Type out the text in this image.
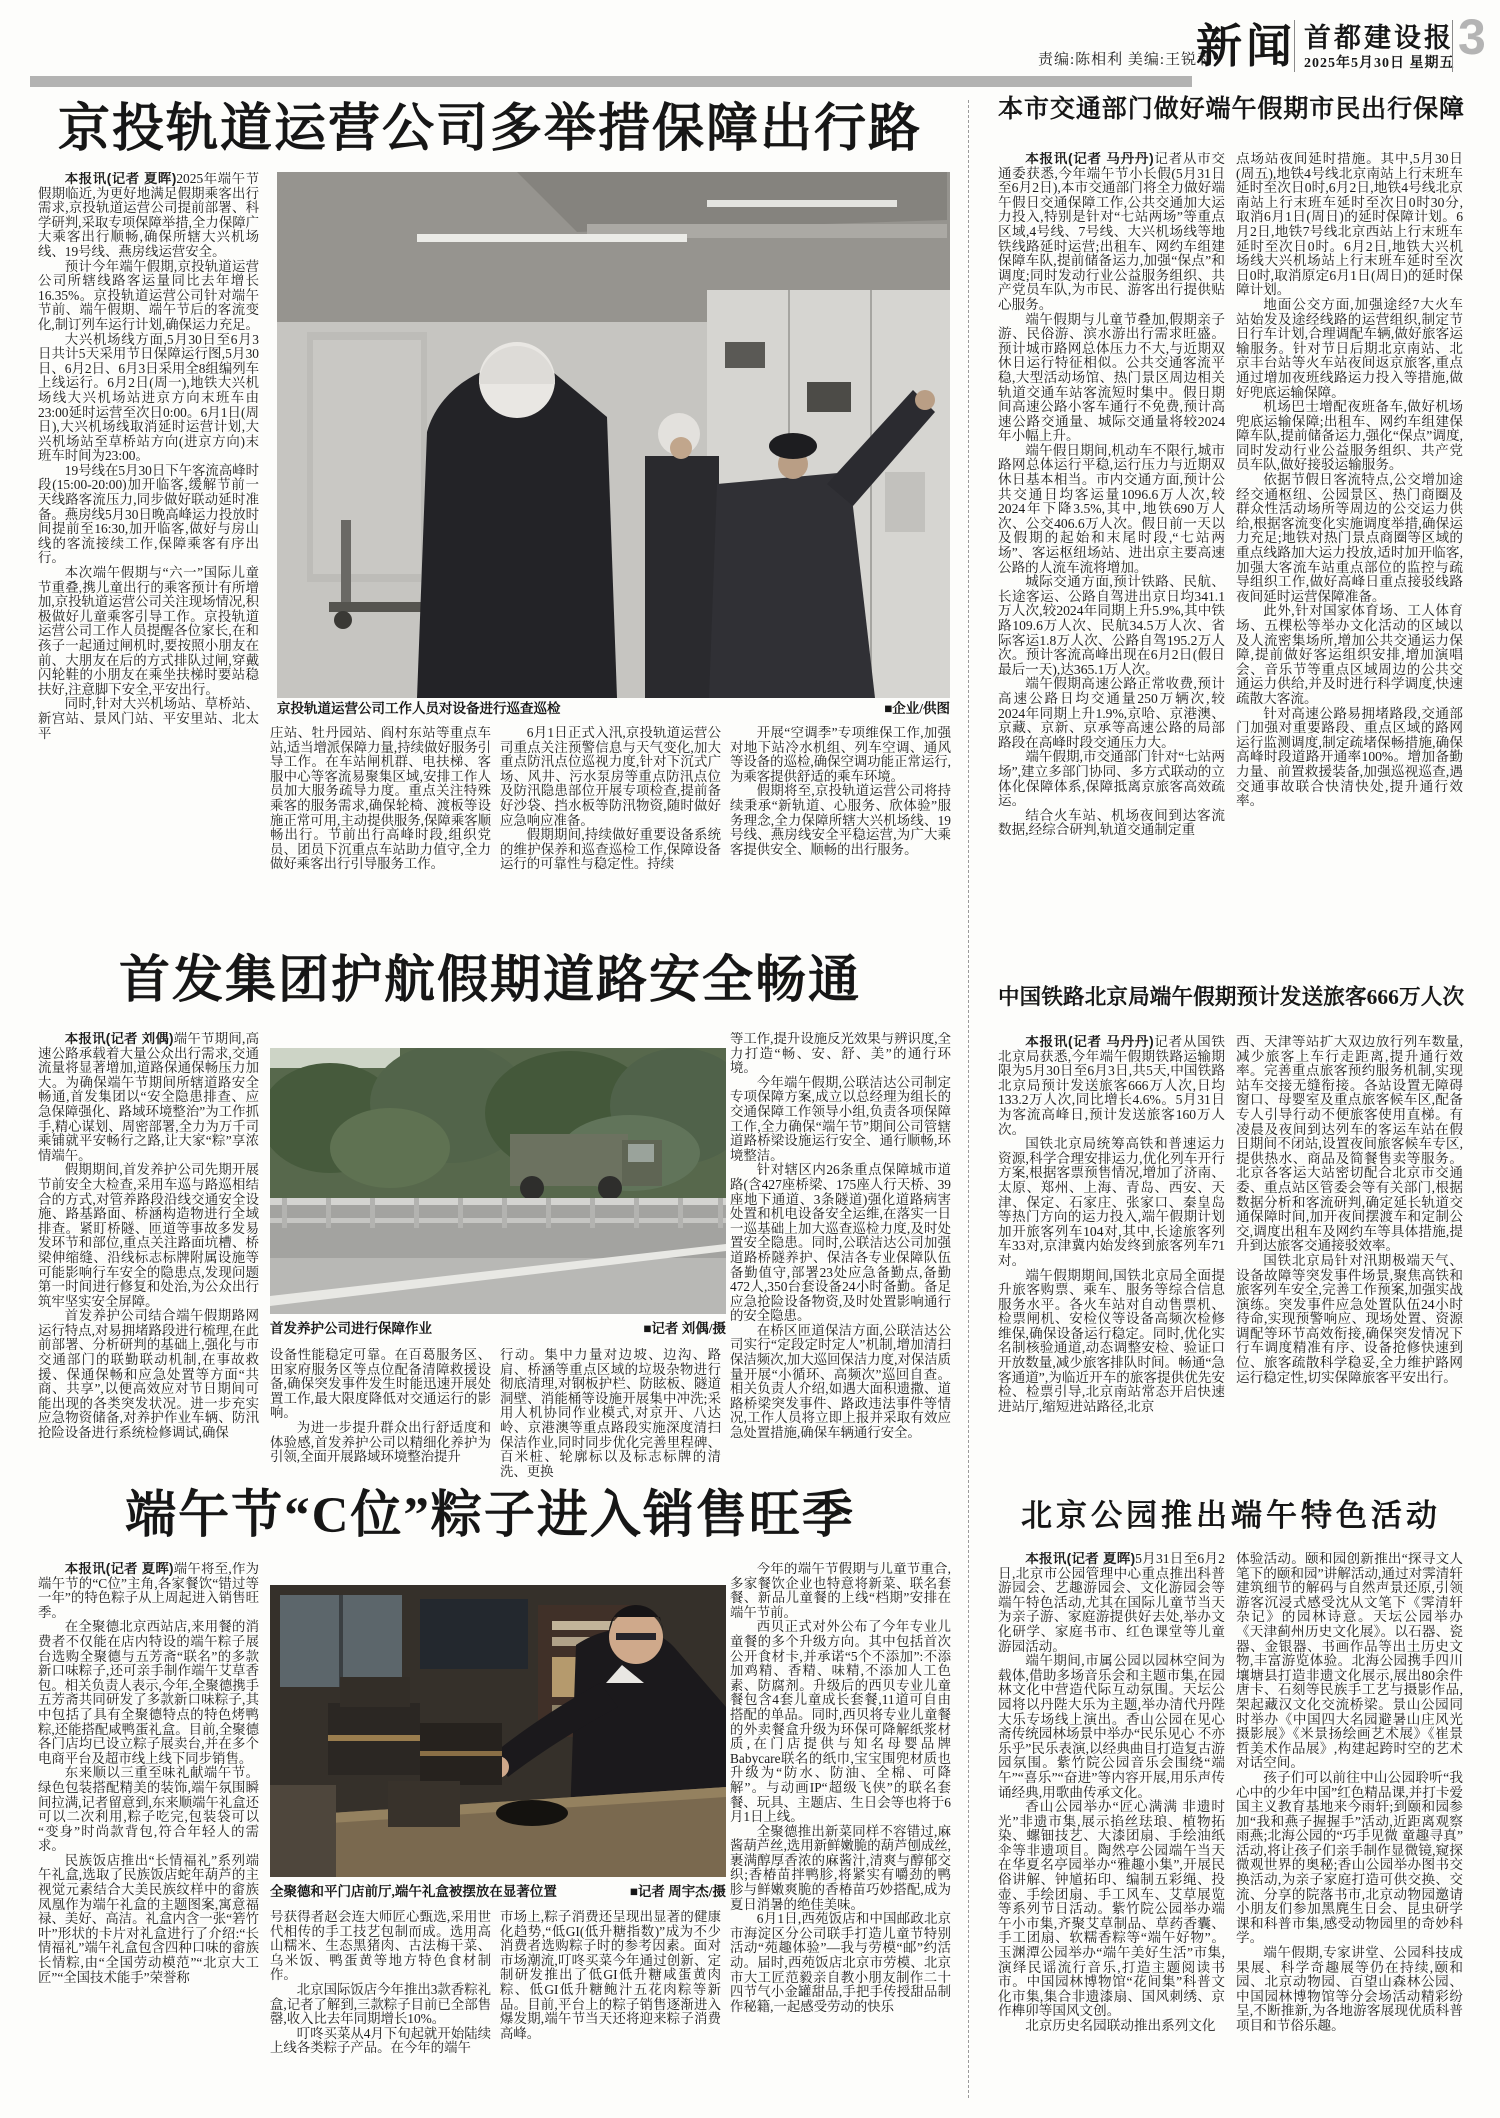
责编:陈相利 美编:王锐利
新闻 首都建设报
2025年5月30日 星期五 3
京投轨道运营公司多举措保障出行路

本报讯(记者 夏晖)2025年端午节假期临近,为更好地满足假期乘客出行需求,京投轨道运营公司提前部署、科学研判,采取专项保障举措,全力保障广大乘客出行顺畅,确保所辖大兴机场线、19号线、燕房线运营安全。

预计今年端午假期,京投轨道运营公司所辖线路客运量同比去年增长16.35%。京投轨道运营公司针对端午节前、端午假期、端午节后的客流变化,制订列车运行计划,确保运力充足。

大兴机场线方面,5月30日至6月3日共计5天采用节日保障运行图,5月30日、6月2日、6月3日采用全8组编列车上线运行。6月2日(周一),地铁大兴机场线大兴机场站进京方向末班车由23:00延时运营至次日0:00。6月1日(周日),大兴机场线取消延时运营计划,大兴机场站至草桥站方向(进京方向)末班车时间为23:00。

19号线在5月30日下午客流高峰时段(15:00-20:00)加开临客,缓解节前一天线路客流压力,同步做好联动延时准备。燕房线5月30日晚高峰运力投放时间提前至16:30,加开临客,做好与房山线的客流接续工作,保障乘客有序出行。

本次端午假期与“六一”国际儿童节重叠,携儿童出行的乘客预计有所增加,京投轨道运营公司关注现场情况,积极做好儿童乘客引导工作。京投轨道运营公司工作人员提醒各位家长,在和孩子一起通过闸机时,要按照小朋友在前、大朋友在后的方式排队过闸,穿戴闪轮鞋的小朋友在乘坐扶梯时要站稳扶好,注意脚下安全,平安出行。

同时,针对大兴机场站、草桥站、新宫站、景风门站、平安里站、北太平

京投轨道运营公司工作人员对设备进行巡查巡检	■企业/供图

庄站、牡丹园站、阎村东站等重点车站,适当增派保障力量,持续做好服务引导工作。在车站闸机群、电扶梯、客服中心等客流易聚集区域,安排工作人员加大服务疏导力度。重点关注特殊乘客的服务需求,确保轮椅、渡板等设施正常可用,主动提供服务,保障乘客顺畅出行。节前出行高峰时段,组织党员、团员下沉重点车站助力值守,全力做好乘客出行引导服务工作。

6月1日正式入汛,京投轨道运营公司重点关注预警信息与天气变化,加大重点防汛点位巡视力度,针对下沉式广场、风井、污水泵房等重点防汛点位及防汛隐患部位开展专项检查,提前备好沙袋、挡水板等防汛物资,随时做好应急响应准备。

假期期间,持续做好重要设备系统的维护保养和巡查巡检工作,保障设备运行的可靠性与稳定性。持续

开展“空调季”专项维保工作,加强对地下站冷水机组、列车空调、通风等设备的巡检,确保空调功能正常运行,为乘客提供舒适的乘车环境。

假期将至,京投轨道运营公司将持续秉承“新轨道、心服务、欣体验”服务理念,全力保障所辖大兴机场线、19号线、燕房线安全平稳运营,为广大乘客提供安全、顺畅的出行服务。

本市交通部门做好端午假期市民出行保障

本报讯(记者 马丹丹)记者从市交通委获悉,今年端午节小长假(5月31日至6月2日),本市交通部门将全力做好端午假日交通保障工作,公共交通加大运力投入,特别是针对“七站两场”等重点区域,4号线、7号线、大兴机场线等地铁线路延时运营;出租车、网约车组建保障车队,提前储备运力,加强“保点”和调度;同时发动行业公益服务组织、共产党员车队,为市民、游客出行提供贴心服务。

端午假期与儿童节叠加,假期亲子游、民俗游、滨水游出行需求旺盛。预计城市路网总体压力不大,与近期双休日运行特征相似。公共交通客流平稳,大型活动场馆、热门景区周边相关轨道交通车站客流短时集中。假日期间高速公路小客车通行不免费,预计高速公路交通量、城际交通量将较2024年小幅上升。

端午假日期间,机动车不限行,城市路网总体运行平稳,运行压力与近期双休日基本相当。市内交通方面,预计公共交通日均客运量1096.6万人次,较2024年下降3.5%,其中,地铁690万人次、公交406.6万人次。假日前一天以及假期的起始和末尾时段,“七站两场”、客运枢纽场站、进出京主要高速公路的人流车流将增加。

城际交通方面,预计铁路、民航、长途客运、公路自驾进出京日均341.1万人次,较2024年同期上升5.9%,其中铁路109.6万人次、民航34.5万人次、省际客运1.8万人次、公路自驾195.2万人次。预计客流高峰出现在6月2日(假日最后一天),达365.1万人次。

端午假期高速公路正常收费,预计高速公路日均交通量250万辆次,较2024年同期上升1.9%,京哈、京港澳、京藏、京新、京承等高速公路的局部路段在高峰时段交通压力大。

端午假期,市交通部门针对“七站两场”,建立多部门协同、多方式联动的立体化保障体系,保障抵离京旅客高效疏运。

结合火车站、机场夜间到达客流数据,经综合研判,轨道交通制定重

点场站夜间延时措施。其中,5月30日(周五),地铁4号线北京南站上行末班车延时至次日0时,6月2日,地铁4号线北京南站上行末班车延时至次日0时30分,取消6月1日(周日)的延时保障计划。6月2日,地铁7号线北京西站上行末班车延时至次日0时。6月2日,地铁大兴机场线大兴机场站上行末班车延时至次日0时,取消原定6月1日(周日)的延时保障计划。

地面公交方面,加强途经7大火车站始发及途经线路的运营组织,制定节日行车计划,合理调配车辆,做好旅客运输服务。针对节日后期北京南站、北京丰台站等火车站夜间返京旅客,重点通过增加夜班线路运力投入等措施,做好兜底运输保障。

机场巴士增配夜班备车,做好机场兜底运输保障;出租车、网约车组建保障车队,提前储备运力,强化“保点”调度,同时发动行业公益服务组织、共产党员车队,做好接驳运输服务。

依据节假日客流特点,公交增加途经交通枢纽、公园景区、热门商圈及群众性活动场所等周边的公交运力供给,根据客流变化实施调度举措,确保运力充足;地铁对热门景点商圈等区域的重点线路加大运力投放,适时加开临客,加强大客流车站重点部位的监控与疏导组织工作,做好高峰日重点接驳线路夜间延时运营保障准备。

此外,针对国家体育场、工人体育场、五棵松等举办文化活动的区域以及人流密集场所,增加公共交通运力保障,提前做好客运组织安排,增加演唱会、音乐节等重点区域周边的公共交通运力供给,并及时进行科学调度,快速疏散大客流。

针对高速公路易拥堵路段,交通部门加强对重要路段、重点区域的路网运行监测调度,制定疏堵保畅措施,确保高峰时段道路开通率100%。增加备勤力量、前置救援装备,加强巡视巡查,遇交通事故联合快清快处,提升通行效率。

首发集团护航假期道路安全畅通

本报讯(记者 刘偶)端午节期间,高速公路承载着大量公众出行需求,交通流量将显著增加,道路保通保畅压力加大。为确保端午节期间所辖道路安全畅通,首发集团以“安全隐患排查、应急保障强化、路域环境整治”为工作抓手,精心谋划、周密部署,全力为万千司乘铺就平安畅行之路,让大家“粽”享浓情端午。

假期期间,首发养护公司先期开展节前安全大检查,采用车巡与路巡相结合的方式,对管养路段沿线交通安全设施、路基路面、桥涵构造物进行全域排查。紧盯桥隧、匝道等事故多发易发环节和部位,重点关注路面坑槽、桥梁伸缩缝、沿线标志标牌附属设施等可能影响行车安全的隐患点,发现问题第一时间进行修复和处治,为公众出行筑牢坚实安全屏障。

首发养护公司结合端午假期路网运行特点,对易拥堵路段进行梳理,在此前部署、分析研判的基础上,强化与市交通部门的联勤联动机制,在事故救援、保通保畅和应急处置等方面“共商、共享”,以便高效应对节日期间可能出现的各类突发状况。进一步充实应急物资储备,对养护作业车辆、防汛抢险设备进行系统检修调试,确保

首发养护公司进行保障作业	■记者 刘偶/摄

设备性能稳定可靠。在百葛服务区、田家府服务区等点位配备清障救援设备,确保突发事件发生时能迅速开展处置工作,最大限度降低对交通运行的影响。

为进一步提升群众出行舒适度和体验感,首发养护公司以精细化养护为引领,全面开展路域环境整治提升

行动。集中力量对边坡、边沟、路肩、桥涵等重点区域的垃圾杂物进行彻底清理,对钢板护栏、防眩板、隧道洞壁、消能桶等设施开展集中冲洗;采用人机协同作业模式,对京开、八达岭、京港澳等重点路段实施深度清扫保洁作业,同时同步优化完善里程碑、百米桩、轮廓标以及标志标牌的清洗、更换

等工作,提升设施反光效果与辨识度,全力打造“畅、安、舒、美”的通行环境。

今年端午假期,公联洁达公司制定专项保障方案,成立以总经理为组长的交通保障工作领导小组,负责各项保障工作,全力确保“端午节”期间公司管辖道路桥梁设施运行安全、通行顺畅,环境整洁。

针对辖区内26条重点保障城市道路(含427座桥梁、175座人行天桥、39座地下通道、3条隧道)强化道路病害处置和机电设备安全运维,在落实一日一巡基础上加大巡查巡检力度,及时处置安全隐患。同时,公联洁达公司加强道路桥隧养护、保洁各专业保障队伍备勤值守,部署23处应急备勤点,备勤472人,350台套设备24小时备勤。备足应急抢险设备物资,及时处置影响通行的安全隐患。

在桥区匝道保洁方面,公联洁达公司实行“定段定时定人”机制,增加清扫保洁频次,加大巡回保洁力度,对保洁质量开展“小循环、高频次”巡回自查。相关负责人介绍,如遇大面积遗撒、道路桥梁突发事件、路政违法事件等情况,工作人员将立即上报并采取有效应急处置措施,确保车辆通行安全。

中国铁路北京局端午假期预计发送旅客666万人次

本报讯(记者 马丹丹)记者从国铁北京局获悉,今年端午假期铁路运输期限为5月30日至6月3日,共5天,中国铁路北京局预计发送旅客666万人次,日均133.2万人次,同比增长4.6%。5月31日为客流高峰日,预计发送旅客160万人次。

国铁北京局统筹高铁和普速运力资源,科学合理安排运力,优化列车开行方案,根据客票预售情况,增加了济南、太原、郑州、上海、青岛、西安、天津、保定、石家庄、张家口、秦皇岛等热门方向的运力投入,端午假期计划加开旅客列车104对,其中,长途旅客列车33对,京津冀内始发终到旅客列车71对。

端午假期期间,国铁北京局全面提升旅客购票、乘车、服务等综合信息服务水平。各火车站对自动售票机、检票闸机、安检仪等设备高频次检修维保,确保设备运行稳定。同时,优化实名制核验通道,动态调整安检、验证口开放数量,减少旅客排队时间。畅通“急客通道”,为临近开车的旅客提供优先安检、检票引导,北京南站常态开启快速进站厅,缩短进站路径,北京

西、天津等站扩大双边放行列车数量,减少旅客上车行走距离,提升通行效率。完善重点旅客预约服务机制,实现站车交接无缝衔接。各站设置无障碍窗口、母婴室及重点旅客候车区,配备专人引导行动不便旅客使用直梯。有凌晨及夜间到达列车的客运车站在假日期间不闭站,设置夜间旅客候车专区,提供热水、商品及简餐售卖等服务。北京各客运大站密切配合北京市交通委、重点站区管委会等有关部门,根据数据分析和客流研判,确定延长轨道交通保障时间,加开夜间摆渡车和定制公交,调度出租车及网约车等具体措施,提升到达旅客交通接驳效率。

国铁北京局针对汛期极端天气、设备故障等突发事件场景,聚焦高铁和旅客列车安全,完善工作预案,加强实战演练。突发事件应急处置队伍24小时待命,实现预警响应、现场处置、资源调配等环节高效衔接,确保突发情况下行车调度精准有序、设备抢修快速到位、旅客疏散科学稳妥,全力维护路网运行稳定性,切实保障旅客平安出行。

端午节“C位”粽子进入销售旺季

本报讯(记者 夏晖)端午将至,作为端午节的“C位”主角,各家餐饮“错过等一年”的特色粽子从上周起进入销售旺季。

在全聚德北京西站店,来用餐的消费者不仅能在店内特设的端午粽子展台选购全聚德与五芳斋“联名”的多款新口味粽子,还可亲手制作端午艾草香包。相关负责人表示,今年,全聚德携手五芳斋共同研发了多款新口味粽子,其中包括了具有全聚德特点的特色烤鸭粽,还能搭配咸鸭蛋礼盒。目前,全聚德各门店均已设立粽子展卖台,并在多个电商平台及超市线上线下同步销售。

东来顺以三重至味礼献端午节。绿色包装搭配精美的装饰,端午氛围瞬间拉满,记者留意到,东来顺端午礼盒还可以二次利用,粽子吃完,包装袋可以“变身”时尚款背包,符合年轻人的需求。

民族饭店推出“长情福礼”系列端午礼盒,选取了民族饭店蛇年葫芦的主视觉元素结合大美民族纹样中的畲族凤凰作为端午礼盒的主题图案,寓意福禄、美好、高洁。礼盒内含一张“箬竹叶”形状的卡片对礼盒进行了介绍:“长情福礼”端午礼盒包含四种口味的畲族长情粽,由“全国劳动模范”“北京大工匠”“全国技术能手”荣誉称

全聚德和平门店前厅,端午礼盒被摆放在显著位置	■记者 周宇杰/摄

号获得者赵会连大师匠心甄选,采用世代相传的手工技艺包制而成。选用高山糯米、生态黑猪肉、古法梅干菜、乌米饭、鸭蛋黄等地方特色食材制作。

北京国际饭店今年推出3款香粽礼盒,记者了解到,三款粽子目前已全部售罄,收入比去年同期增长10%。

叮咚买菜从4月下旬起就开始陆续上线各类粽子产品。在今年的端午

市场上,粽子消费还呈现出显著的健康化趋势,“低GI(低升糖指数)”成为不少消费者选购粽子时的参考因素。面对市场潮流,叮咚买菜今年通过创新、定制研发推出了低GI低升糖咸蛋黄肉粽、低GI低升糖鲍汁五花肉粽等新品。目前,平台上的粽子销售逐渐进入爆发期,端午节当天还将迎来粽子消费高峰。

今年的端午节假期与儿童节重合,多家餐饮企业也特意将新菜、联名套餐、新品儿童餐的上线“档期”安排在端午节前。

西贝正式对外公布了今年专业儿童餐的多个升级方向。其中包括首次公开食材卡,并承诺“5个不添加”:不添加鸡精、香精、味精,不添加人工色素、防腐剂。升级后的西贝专业儿童餐包含4套儿童成长套餐,11道可自由搭配的单品。同时,西贝将专业儿童餐的外卖餐盒升级为环保可降解纸浆材质,在门店提供与知名母婴品牌Babycare联名的纸巾,宝宝围兜材质也升级为“防水、防油、全棉、可降解”。与动画IP“超级飞侠”的联名套餐、玩具、主题店、生日会等也将于6月1日上线。

全聚德推出新菜同样不容错过,麻酱葫芦丝,选用新鲜嫩脆的葫芦刨成丝,裹满醇厚香浓的麻酱汁,清爽与醇郁交织;香椿苗拌鸭胗,将紧实有嚼劲的鸭胗与鲜嫩爽脆的香椿苗巧妙搭配,成为夏日消暑的绝佳美味。

6月1日,西苑饭店和中国邮政北京市海淀区分公司联手打造儿童节特别活动“苑趣体验”—我与劳模“邮”约活动。届时,西苑饭店北京市劳模、北京市大工匠范毅亲自教小朋友制作二十四节气小金罐甜品,手把手传授甜品制作秘籍,一起感受劳动的快乐

北京公园推出端午特色活动

本报讯(记者 夏晖)5月31日至6月2日,北京市公园管理中心重点推出科普游园会、艺趣游园会、文化游园会等端午特色活动,尤其在国际儿童节当天为亲子游、家庭游提供好去处,举办文化研学、家庭书市、红色课堂等儿童游园活动。

端午期间,市属公园以园林空间为载体,借助多场音乐会和主题市集,在园林文化中营造代际互动氛围。天坛公园将以丹陛大乐为主题,举办清代丹陛大乐专场线上演出。香山公园在见心斋传统园林场景中举办“民乐见心 不亦乐乎”民乐表演,以经典曲目打造复古游园氛围。紫竹院公园音乐会围绕“端午”“喜乐”“奋进”等内容开展,用乐声传诵经典,用歌曲传承文化。

香山公园举办“匠心满满 非遗时光”非遗市集,展示掐丝珐琅、植物拓染、螺钿技艺、大漆团扇、手绘油纸伞等非遗项目。陶然亭公园端午当天在华夏名亭园举办“雅趣小集”,开展民俗讲解、钟馗拓印、编制五彩绳、投壶、手绘团扇、手工风车、艾草展览等系列节日活动。紫竹院公园举办端午小市集,齐聚艾草制品、草药香囊、手工团扇、软糯香粽等“端午好物”。玉渊潭公园举办“端午美好生活”市集,演绎民谣流行音乐,打造主题阅读书市。中国园林博物馆“花间集”科普文化市集,集合非遗漆扇、国风刺绣、京作榫卯等国风文创。

北京历史名园联动推出系列文化

体验活动。颐和园创新推出“探寻文人笔下的颐和园”讲解活动,通过对霁清轩建筑细节的解码与自然声景还原,引领游客沉浸式感受沈从文笔下《霁清轩杂记》的园林诗意。天坛公园举办《天津蓟州历史文化展》。以石器、瓷器、金银器、书画作品等出土历史文物,丰富游览体验。北海公园携手四川壤塘县打造非遗文化展示,展出80余件唐卡、石刻等民族手工艺与摄影作品,架起藏汉文化交流桥梁。景山公园同时举办《中国四大名园避暑山庄风光摄影展》《米景扬绘画艺术展》《崔景哲美术作品展》,构建起跨时空的艺术对话空间。

孩子们可以前往中山公园聆听“我心中的少年中国”红色精品课,并打卡爱国主义教育基地来今雨轩;到颐和园参加“我和燕子握握手”活动,近距离观察雨燕;北海公园的“巧手见微 童趣寻真”活动,将让孩子们亲手制作显微镜,窥探微观世界的奥秘;香山公园举办图书交换活动,为亲子家庭打造可供交换、交流、分享的院落书市,北京动物园邀请小朋友们参加黑麂生日会、昆虫研学课和科普市集,感受动物园里的奇妙科学。

端午假期,专家讲堂、公园科技成果展、科学奇趣展等仍在持续,颐和园、北京动物园、百望山森林公园、中国园林博物馆等分会场活动精彩纷呈,不断推新,为各地游客展现优质科普项目和节俗乐趣。
